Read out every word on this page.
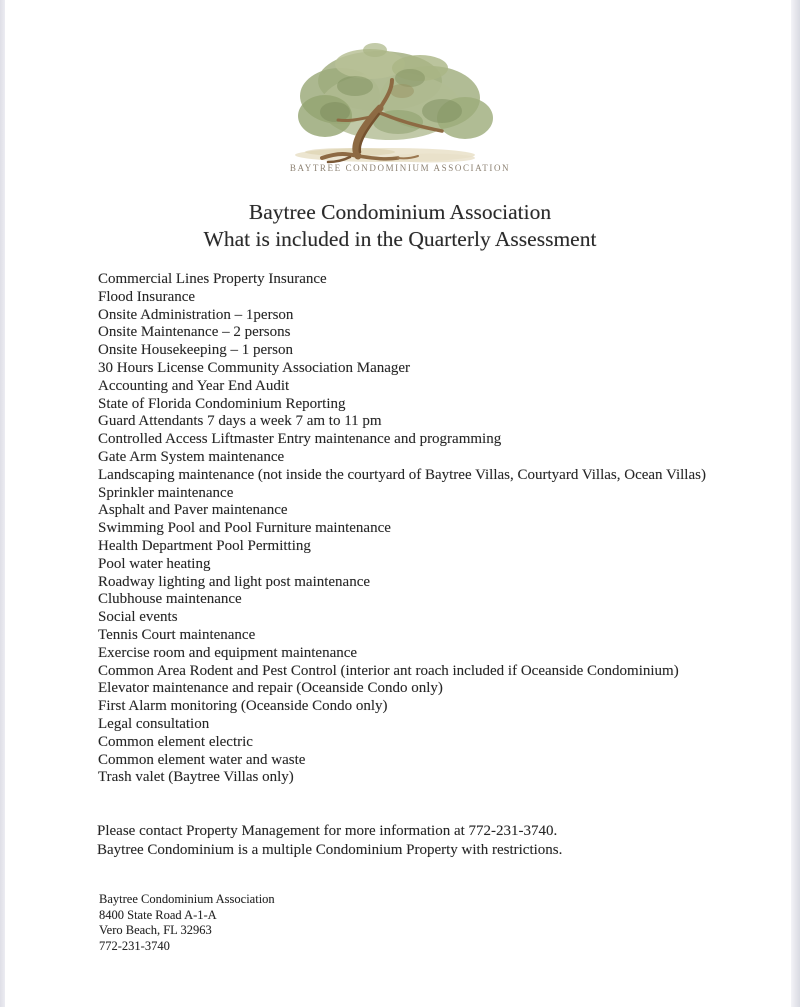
BAYTREE CONDOMINIUM ASSOCIATION
Baytree Condominium Association
What is included in the Quarterly Assessment
Commercial Lines Property Insurance
Flood Insurance
Onsite Administration – 1person
Onsite Maintenance – 2 persons
Onsite Housekeeping – 1 person
30 Hours License Community Association Manager
Accounting and Year End Audit
State of Florida Condominium Reporting
Guard Attendants 7 days a week 7 am to 11 pm
Controlled Access Liftmaster Entry maintenance and programming
Gate Arm System maintenance
Landscaping maintenance (not inside the courtyard of Baytree Villas, Courtyard Villas, Ocean Villas)
Sprinkler maintenance
Asphalt and Paver maintenance
Swimming Pool and Pool Furniture maintenance
Health Department Pool Permitting
Pool water heating
Roadway lighting and light post maintenance
Clubhouse maintenance
Social events
Tennis Court maintenance
Exercise room and equipment maintenance
Common Area Rodent and Pest Control (interior ant roach included if Oceanside Condominium)
Elevator maintenance and repair (Oceanside Condo only)
First Alarm monitoring (Oceanside Condo only)
Legal consultation
Common element electric
Common element water and waste
Trash valet (Baytree Villas only)
Please contact Property Management for more information at 772-231-3740.
Baytree Condominium is a multiple Condominium Property with restrictions.
Baytree Condominium Association
8400 State Road A-1-A
Vero Beach, FL 32963
772-231-3740
